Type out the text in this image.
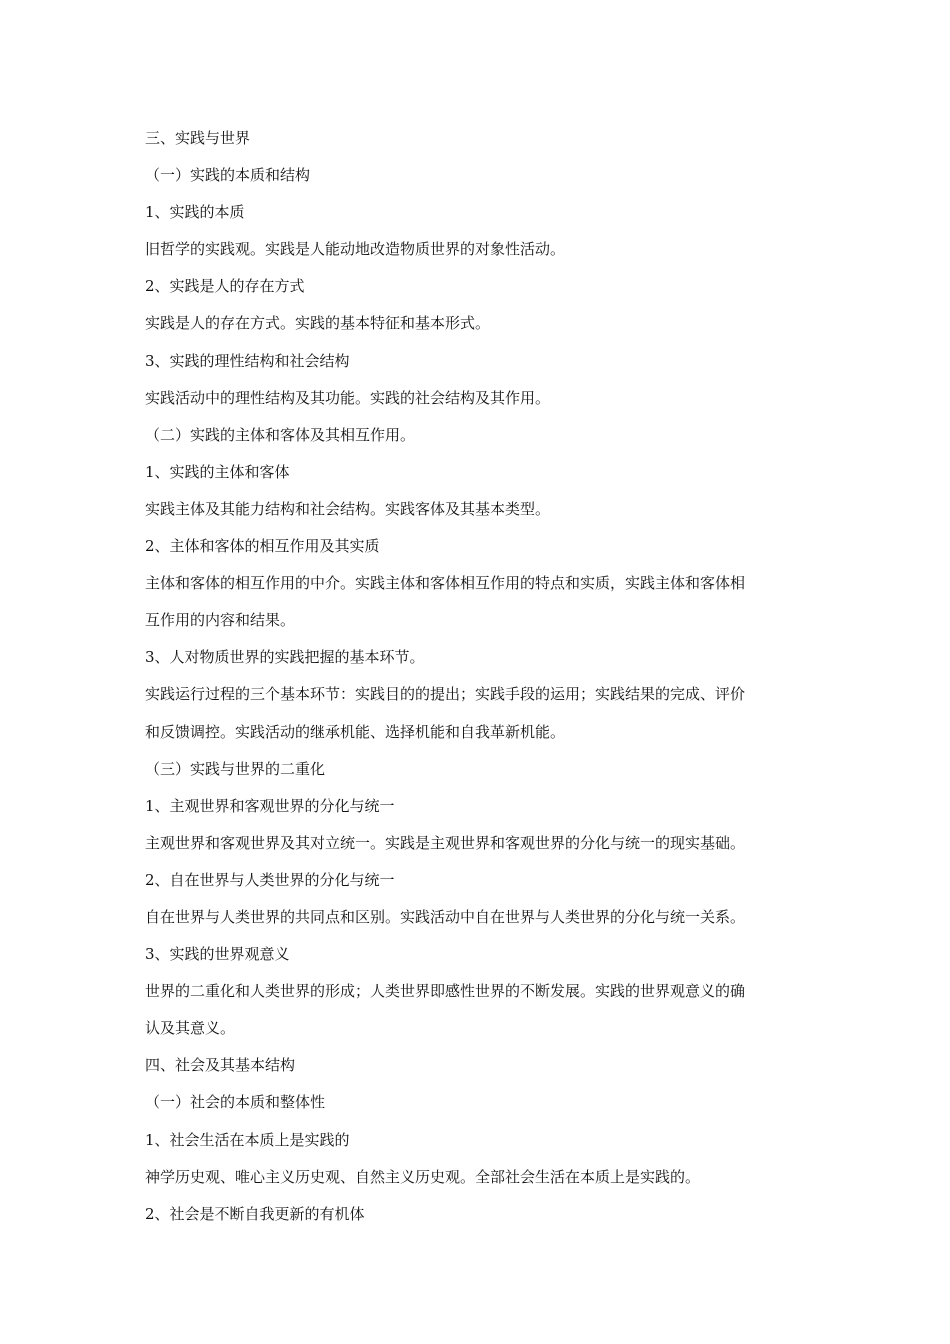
三、实践与世界
（一）实践的本质和结构
1、实践的本质
旧哲学的实践观。实践是人能动地改造物质世界的对象性活动。
2、实践是人的存在方式
实践是人的存在方式。实践的基本特征和基本形式。
3、实践的理性结构和社会结构
实践活动中的理性结构及其功能。实践的社会结构及其作用。
（二）实践的主体和客体及其相互作用。
1、实践的主体和客体
实践主体及其能力结构和社会结构。实践客体及其基本类型。
2、主体和客体的相互作用及其实质
主体和客体的相互作用的中介。实践主体和客体相互作用的特点和实质，实践主体和客体相
互作用的内容和结果。
3、人对物质世界的实践把握的基本环节。
实践运行过程的三个基本环节：实践目的的提出；实践手段的运用；实践结果的完成、评价
和反馈调控。实践活动的继承机能、选择机能和自我革新机能。
（三）实践与世界的二重化
1、主观世界和客观世界的分化与统一
主观世界和客观世界及其对立统一。实践是主观世界和客观世界的分化与统一的现实基础。
2、自在世界与人类世界的分化与统一
自在世界与人类世界的共同点和区别。实践活动中自在世界与人类世界的分化与统一关系。
3、实践的世界观意义
世界的二重化和人类世界的形成；人类世界即感性世界的不断发展。实践的世界观意义的确
认及其意义。
四、社会及其基本结构
（一）社会的本质和整体性
1、社会生活在本质上是实践的
神学历史观、唯心主义历史观、自然主义历史观。全部社会生活在本质上是实践的。
2、社会是不断自我更新的有机体
